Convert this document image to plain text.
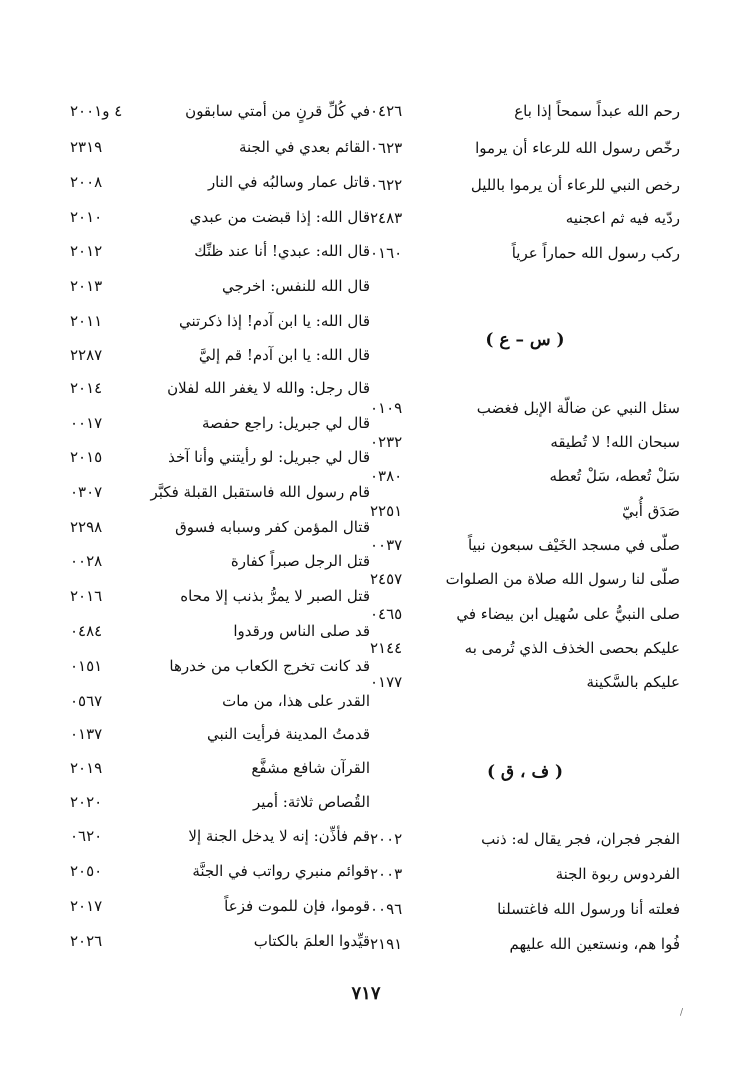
رحم الله عبداً سمحاً إذا باع
٠٤٢٦
رخّص رسول الله للرعاء أن يرموا
٠٦٢٣
رخص النبي للرعاء أن يرموا بالليل
٠٦٢٢
ردّيه فيه ثم اعجنيه
٢٤٨٣
ركب رسول الله حماراً عرياً
٠١٦٠
( س – ع )
سئل النبي عن ضالّة الإبل فغضب
٠١٠٩
سبحان الله! لا تُطيقه
٠٢٣٢
سَلْ تُعطه، سَلْ تُعطه
٠٣٨٠
صَدَق أُبيّ
٢٢٥١
صلّى في مسجد الخَيْف سبعون نبياً
٠٠٣٧
صلّى لنا رسول الله صلاة من الصلوات
٢٤٥٧
صلى النبيُّ على سُهيل ابن بيضاء في
٠٤٦٥
عليكم بحصى الخذف الذي تُرمى به
٢١٤٤
عليكم بالسَّكينة
٠١٧٧
( ف ، ق )
الفجر فجران، فجر يقال له: ذنب
٢٠٠٢
الفردوس ربوة الجنة
٢٠٠٣
فعلته أنا ورسول الله فاغتسلنا
٠٠٩٦
فُوا هم، ونستعين الله عليهم
٢١٩١
في كُلِّ قرنٍ من أمتي سابقون
٤ و٢٠٠١
القائم بعدي في الجنة
٢٣١٩
قاتل عمار وسالبُه في النار
٢٠٠٨
قال الله: إذا قبضت من عبدي
٢٠١٠
قال الله: عبدي! أنا عند ظنِّك
٢٠١٢
قال الله للنفس: اخرجي
٢٠١٣
قال الله: يا ابن آدم! إذا ذكرتني
٢٠١١
قال الله: يا ابن آدم! قم إليَّ
٢٢٨٧
قال رجل: والله لا يغفر الله لفلان
٢٠١٤
قال لي جبريل: راجع حفصة
٠٠١٧
قال لي جبريل: لو رأيتني وأنا آخذ
٢٠١٥
قام رسول الله فاستقبل القبلة فكبَّر
٠٣٠٧
قتال المؤمن كفر وسبابه فسوق
٢٢٩٨
قتل الرجل صبراً كفارة
٠٠٢٨
قتل الصبر لا يمرُّ بذنب إلا محاه
٢٠١٦
قد صلى الناس ورقدوا
٠٤٨٤
قد كانت تخرج الكعاب من خدرها
٠١٥١
القدر على هذا، من مات
٠٥٦٧
قدمتُ المدينة فرأيت النبي
٠١٣٧
القرآن شافع مشفَّع
٢٠١٩
القُصاص ثلاثة: أمير
٢٠٢٠
قم فأذِّن: إنه لا يدخل الجنة إلا
٠٦٢٠
قوائم منبري رواتب في الجنَّة
٢٠٥٠
قوموا، فإن للموت فزعاً
٢٠١٧
قيِّدوا العلمَ بالكتاب
٢٠٢٦
٧١٧
/
